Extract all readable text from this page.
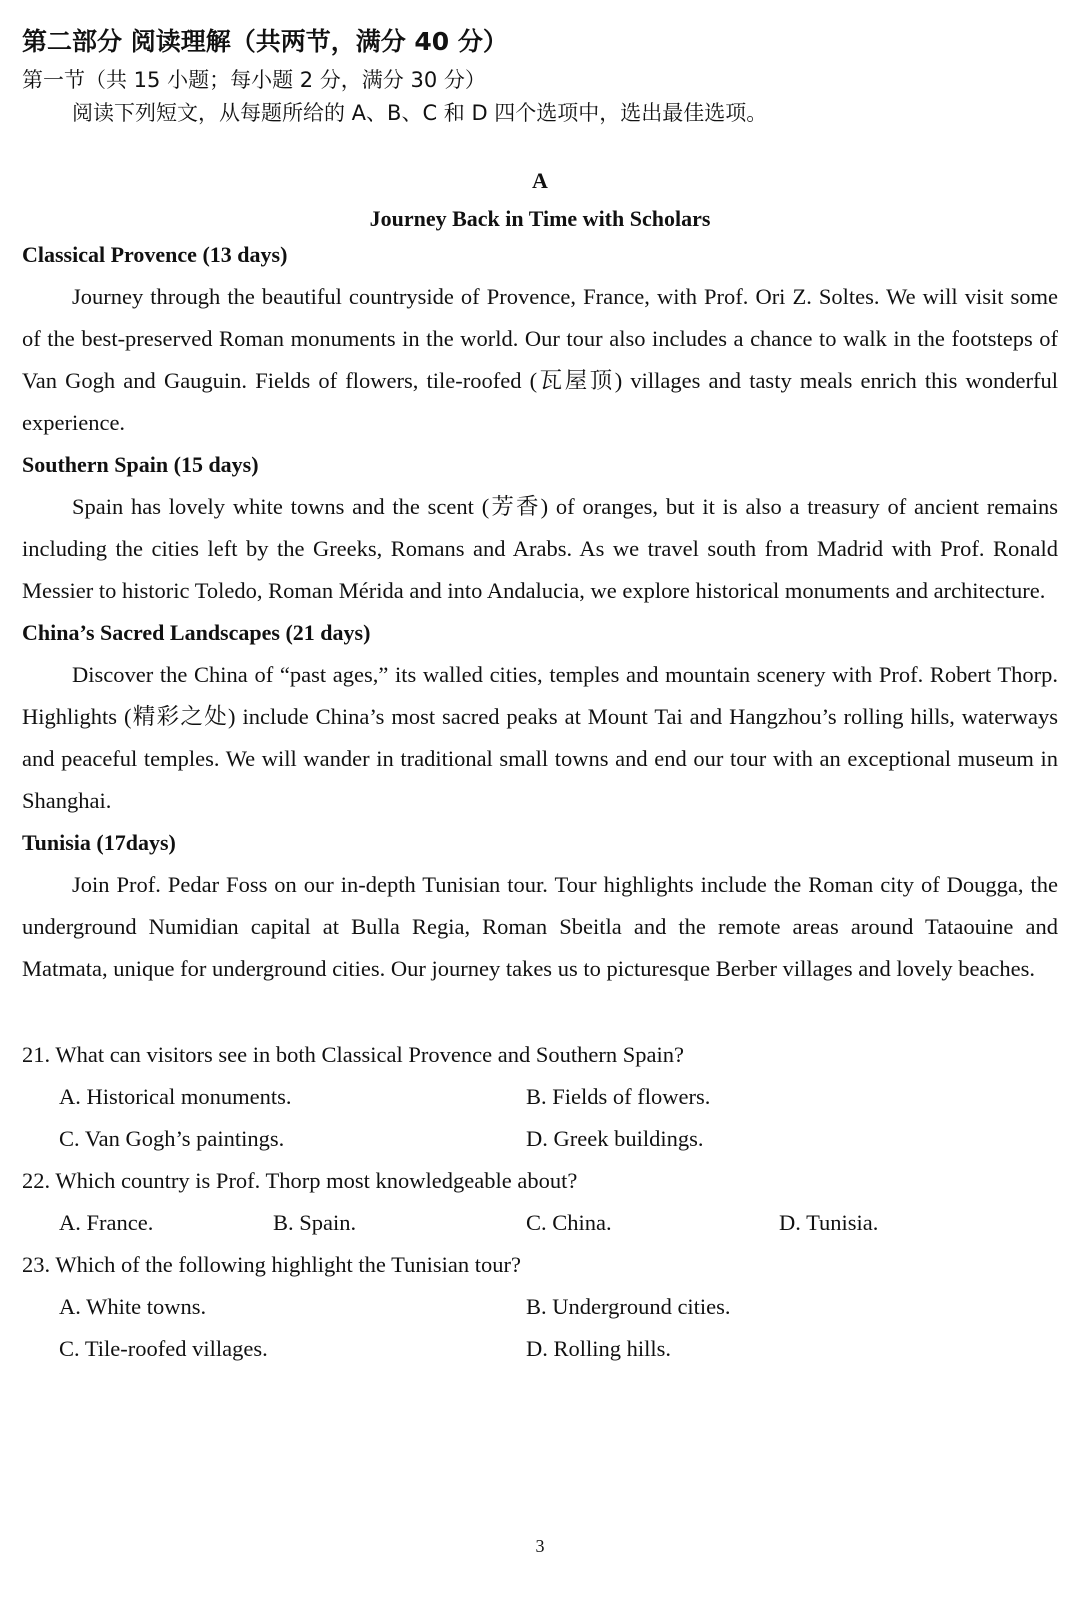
第二部分 阅读理解（共两节，满分 40 分）

第一节（共 15 小题；每小题 2 分，满分 30 分）

阅读下列短文，从每题所给的 A、B、C 和 D 四个选项中，选出最佳选项。

A
Journey Back in Time with Scholars

Classical Provence (13 days)

Journey through the beautiful countryside of Provence, France, with Prof. Ori Z. Soltes. We will visit some of the best-preserved Roman monuments in the world. Our tour also includes a chance to walk in the footsteps of Van Gogh and Gauguin. Fields of flowers, tile-roofed (瓦屋顶) villages and tasty meals enrich this wonderful experience.

Southern Spain (15 days)

Spain has lovely white towns and the scent (芳香) of oranges, but it is also a treasury of ancient remains including the cities left by the Greeks, Romans and Arabs. As we travel south from Madrid with Prof. Ronald Messier to historic Toledo, Roman Mérida and into Andalucia, we explore historical monuments and architecture.

China’s Sacred Landscapes (21 days)

Discover the China of “past ages,” its walled cities, temples and mountain scenery with Prof. Robert Thorp. Highlights (精彩之处) include China’s most sacred peaks at Mount Tai and Hangzhou’s rolling hills, waterways and peaceful temples. We will wander in traditional small towns and end our tour with an exceptional museum in Shanghai.

Tunisia (17days)

Join Prof. Pedar Foss on our in-depth Tunisian tour. Tour highlights include the Roman city of Dougga, the underground Numidian capital at Bulla Regia, Roman Sbeitla and the remote areas around Tataouine and Matmata, unique for underground cities. Our journey takes us to picturesque Berber villages and lovely beaches.

21. What can visitors see in both Classical Provence and Southern Spain?

A. Historical monuments.	B. Fields of flowers.
C. Van Gogh’s paintings.	D. Greek buildings.

22. Which country is Prof. Thorp most knowledgeable about?

A. France.	B. Spain.	C. China.	D. Tunisia.

23. Which of the following highlight the Tunisian tour?

A. White towns.	B. Underground cities.
C. Tile-roofed villages.	D. Rolling hills.
3
